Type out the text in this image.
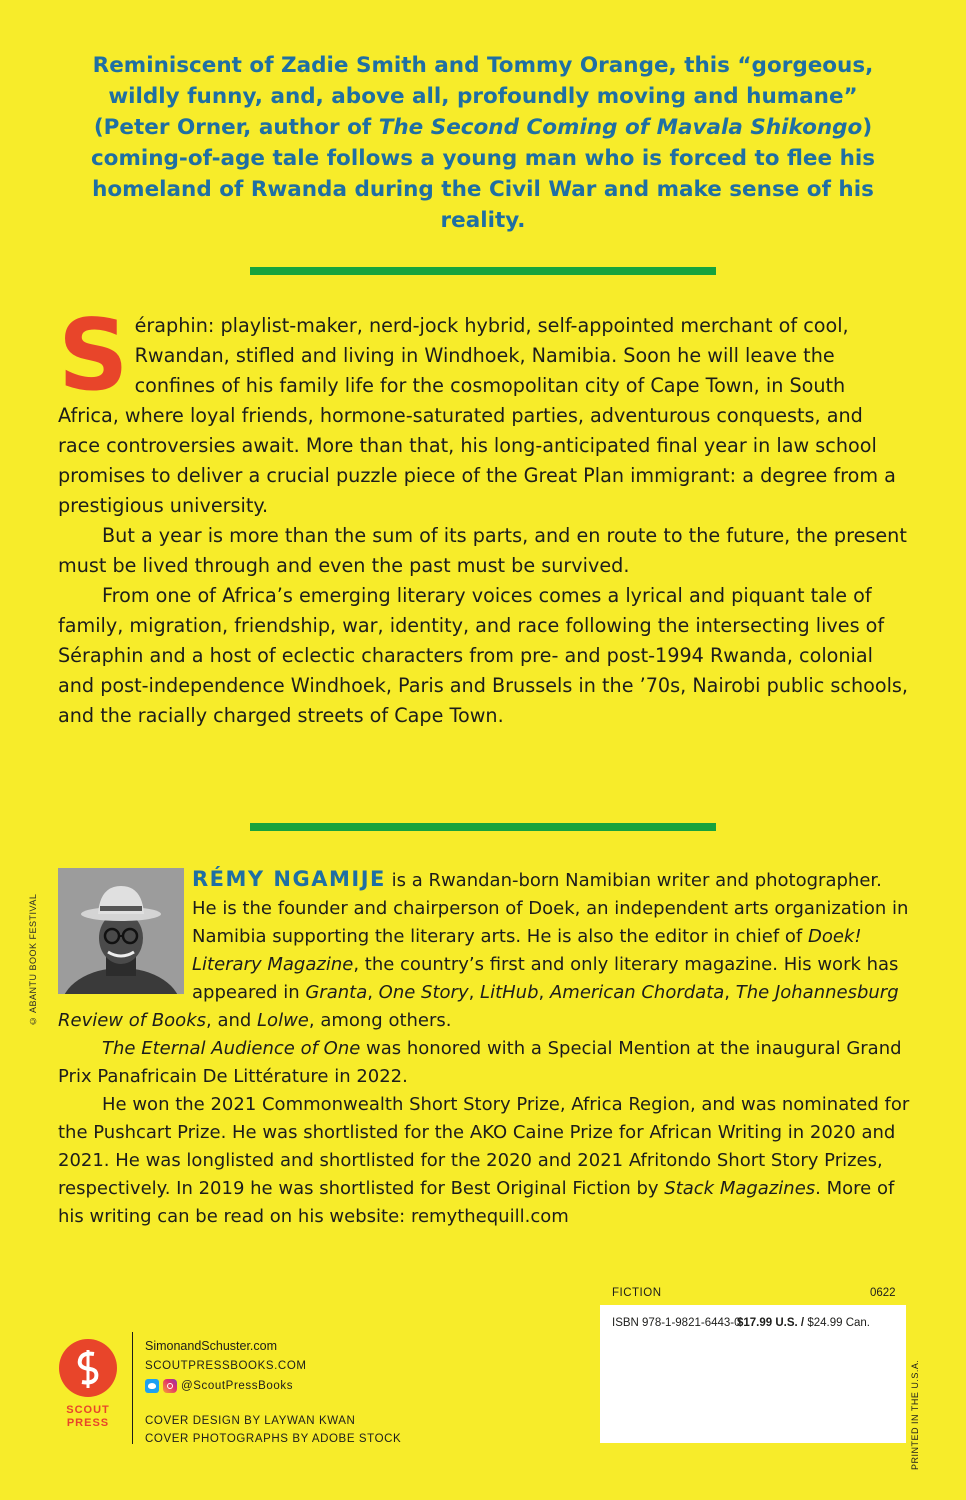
Reminiscent of Zadie Smith and Tommy Orange, this “gorgeous, wildly funny, and, above all, profoundly moving and humane” (Peter Orner, author of The Second Coming of Mavala Shikongo) coming-of-age tale follows a young man who is forced to flee his homeland of Rwanda during the Civil War and make sense of his reality.

Séraphin: playlist-maker, nerd-jock hybrid, self-appointed merchant of cool, Rwandan, stifled and living in Windhoek, Namibia. Soon he will leave the confines of his family life for the cosmopolitan city of Cape Town, in South Africa, where loyal friends, hormone-saturated parties, adventurous conquests, and race controversies await. More than that, his long-anticipated final year in law school promises to deliver a crucial puzzle piece of the Great Plan immigrant: a degree from a prestigious university.

But a year is more than the sum of its parts, and en route to the future, the present must be lived through and even the past must be survived.

From one of Africa’s emerging literary voices comes a lyrical and piquant tale of family, migration, friendship, war, identity, and race following the intersecting lives of Séraphin and a host of eclectic characters from pre- and post-1994 Rwanda, colonial and post-independence Windhoek, Paris and Brussels in the ’70s, Nairobi public schools, and the racially charged streets of Cape Town.

© ABANTU BOOK FESTIVAL

RÉMY NGAMIJE is a Rwandan-born Namibian writer and photographer. He is the founder and chairperson of Doek, an independent arts organization in Namibia supporting the literary arts. He is also the editor in chief of Doek! Literary Magazine, the country’s first and only literary magazine. His work has appeared in Granta, One Story, LitHub, American Chordata, The Johannesburg Review of Books, and Lolwe, among others.

The Eternal Audience of One was honored with a Special Mention at the inaugural Grand Prix Panafricain De Littérature in 2022.

He won the 2021 Commonwealth Short Story Prize, Africa Region, and was nominated for the Pushcart Prize. He was shortlisted for the AKO Caine Prize for African Writing in 2020 and 2021. He was longlisted and shortlisted for the 2020 and 2021 Afritondo Short Story Prizes, respectively. In 2019 he was shortlisted for Best Original Fiction by Stack Magazines. More of his writing can be read on his website: remythequill.com

FICTION	0622
ISBN 978-1-9821-6443-0
$17.99 U.S. / $24.99 Can.
SCOUT
PRESS
SimonandSchuster.com
SCOUTPRESSBOOKS.COM
@ScoutPressBooks
COVER DESIGN BY LAYWAN KWAN
COVER PHOTOGRAPHS BY ADOBE STOCK	PRINTED IN THE U.S.A.
